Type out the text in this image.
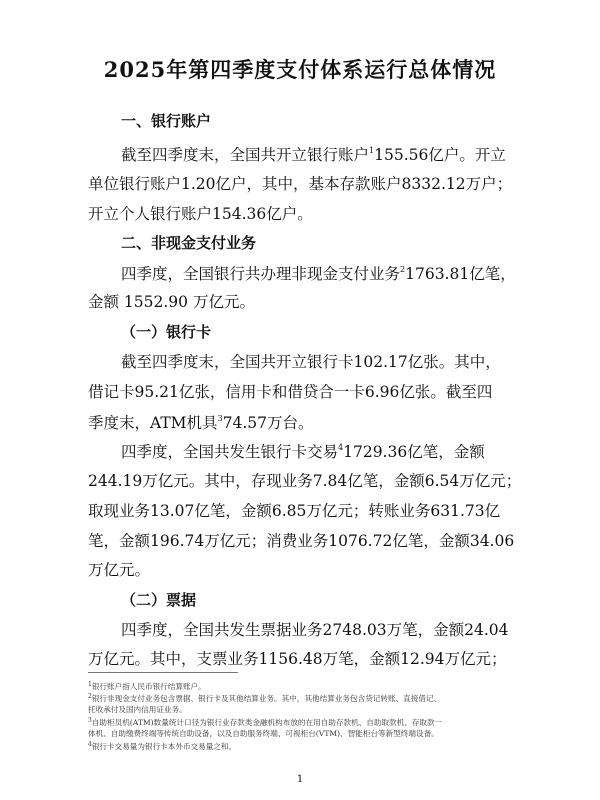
2025年第四季度支付体系运行总体情况
一、银行账户
截至四季度末，全国共开立银行账户$^1$155.56亿户。开立
单位银行账户1.20亿户，其中，基本存款账户8332.12万户；
开立个人银行账户154.36亿户。
二、非现金支付业务
四季度，全国银行共办理非现金支付业务$^2$1763.81亿笔，
金额 1552.90 万亿元。
（一）银行卡
截至四季度末，全国共开立银行卡102.17亿张。其中，
借记卡95.21亿张，信用卡和借贷合一卡6.96亿张。截至四
季度末，ATM机具$^3$74.57万台。
四季度，全国共发生银行卡交易$^4$1729.36亿笔，金额
244.19万亿元。其中，存现业务7.84亿笔，金额6.54万亿元；
取现业务13.07亿笔，金额6.85万亿元；转账业务631.73亿
笔，金额196.74万亿元；消费业务1076.72亿笔，金额34.06
万亿元。
（二）票据
四季度，全国共发生票据业务2748.03万笔，金额24.04
万亿元。其中，支票业务1156.48万笔，金额12.94万亿元；
$^1$银行账户指人民币银行结算账户。
$^2$银行非现金支付业务包含票据、银行卡及其他结算业务。其中，其他结算业务包含贷记转账、直接借记、
托收承付及国内信用证业务。
$^3$自助柜员机(ATM)数量统计口径为银行业存款类金融机构布放的在用自助存款机、自助取款机、存取款一
体机、自助缴费终端等传统自助设备，以及自助服务终端、可视柜台(VTM)、智能柜台等新型终端设备。
$^4$银行卡交易量为银行卡本外币交易量之和。
1
